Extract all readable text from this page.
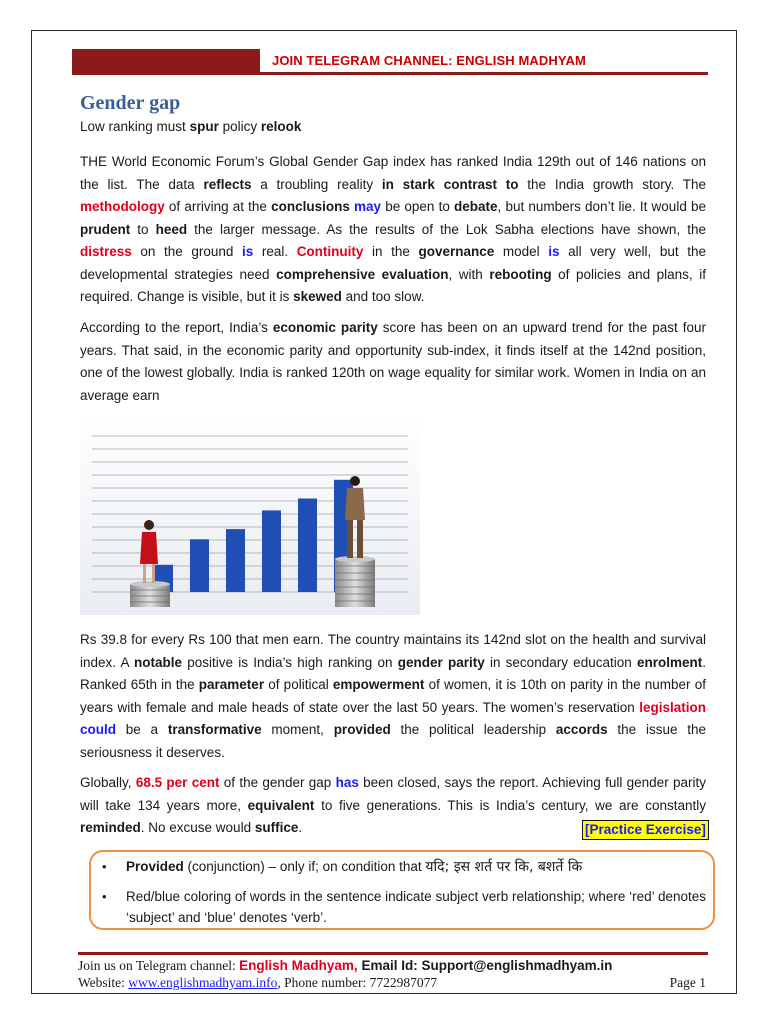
JOIN TELEGRAM CHANNEL: ENGLISH MADHYAM
Gender gap
Low ranking must spur policy relook

THE World Economic Forum’s Global Gender Gap index has ranked India 129th out of 146 nations on the list. The data reflects a troubling reality in stark contrast to the India growth story. The methodology of arriving at the conclusions may be open to debate, but numbers don’t lie. It would be prudent to heed the larger message. As the results of the Lok Sabha elections have shown, the distress on the ground is real. Continuity in the governance model is all very well, but the developmental strategies need comprehensive evaluation, with rebooting of policies and plans, if required. Change is visible, but it is skewed and too slow.

According to the report, India’s economic parity score has been on an upward trend for the past four years. That said, in the economic parity and opportunity sub-index, it finds itself at the 142nd position, one of the lowest globally. India is ranked 120th on wage equality for similar work. Women in India on an average earn

Rs 39.8 for every Rs 100 that men earn. The country maintains its 142nd slot on the health and survival index. A notable positive is India’s high ranking on gender parity in secondary education enrolment. Ranked 65th in the parameter of political empowerment of women, it is 10th on parity in the number of years with female and male heads of state over the last 50 years. The women’s reservation legislation could be a transformative moment, provided the political leadership accords the issue the seriousness it deserves.

Globally, 68.5 per cent of the gender gap has been closed, says the report. Achieving full gender parity will take 134 years more, equivalent to five generations. This is India’s century, we are constantly reminded. No excuse would suffice.	[Practice Exercise]
• Provided (conjunction) – only if; on condition that यदि; इस शर्त पर कि, बशर्ते कि
• Red/blue coloring of words in the sentence indicate subject verb relationship; where ‘red’ denotes ‘subject’ and ‘blue’ denotes ‘verb’.
Join us on Telegram channel: English Madhyam, Email Id: Support@englishmadhyam.in
Website: www.englishmadhyam.info, Phone number: 7722987077	Page 1
